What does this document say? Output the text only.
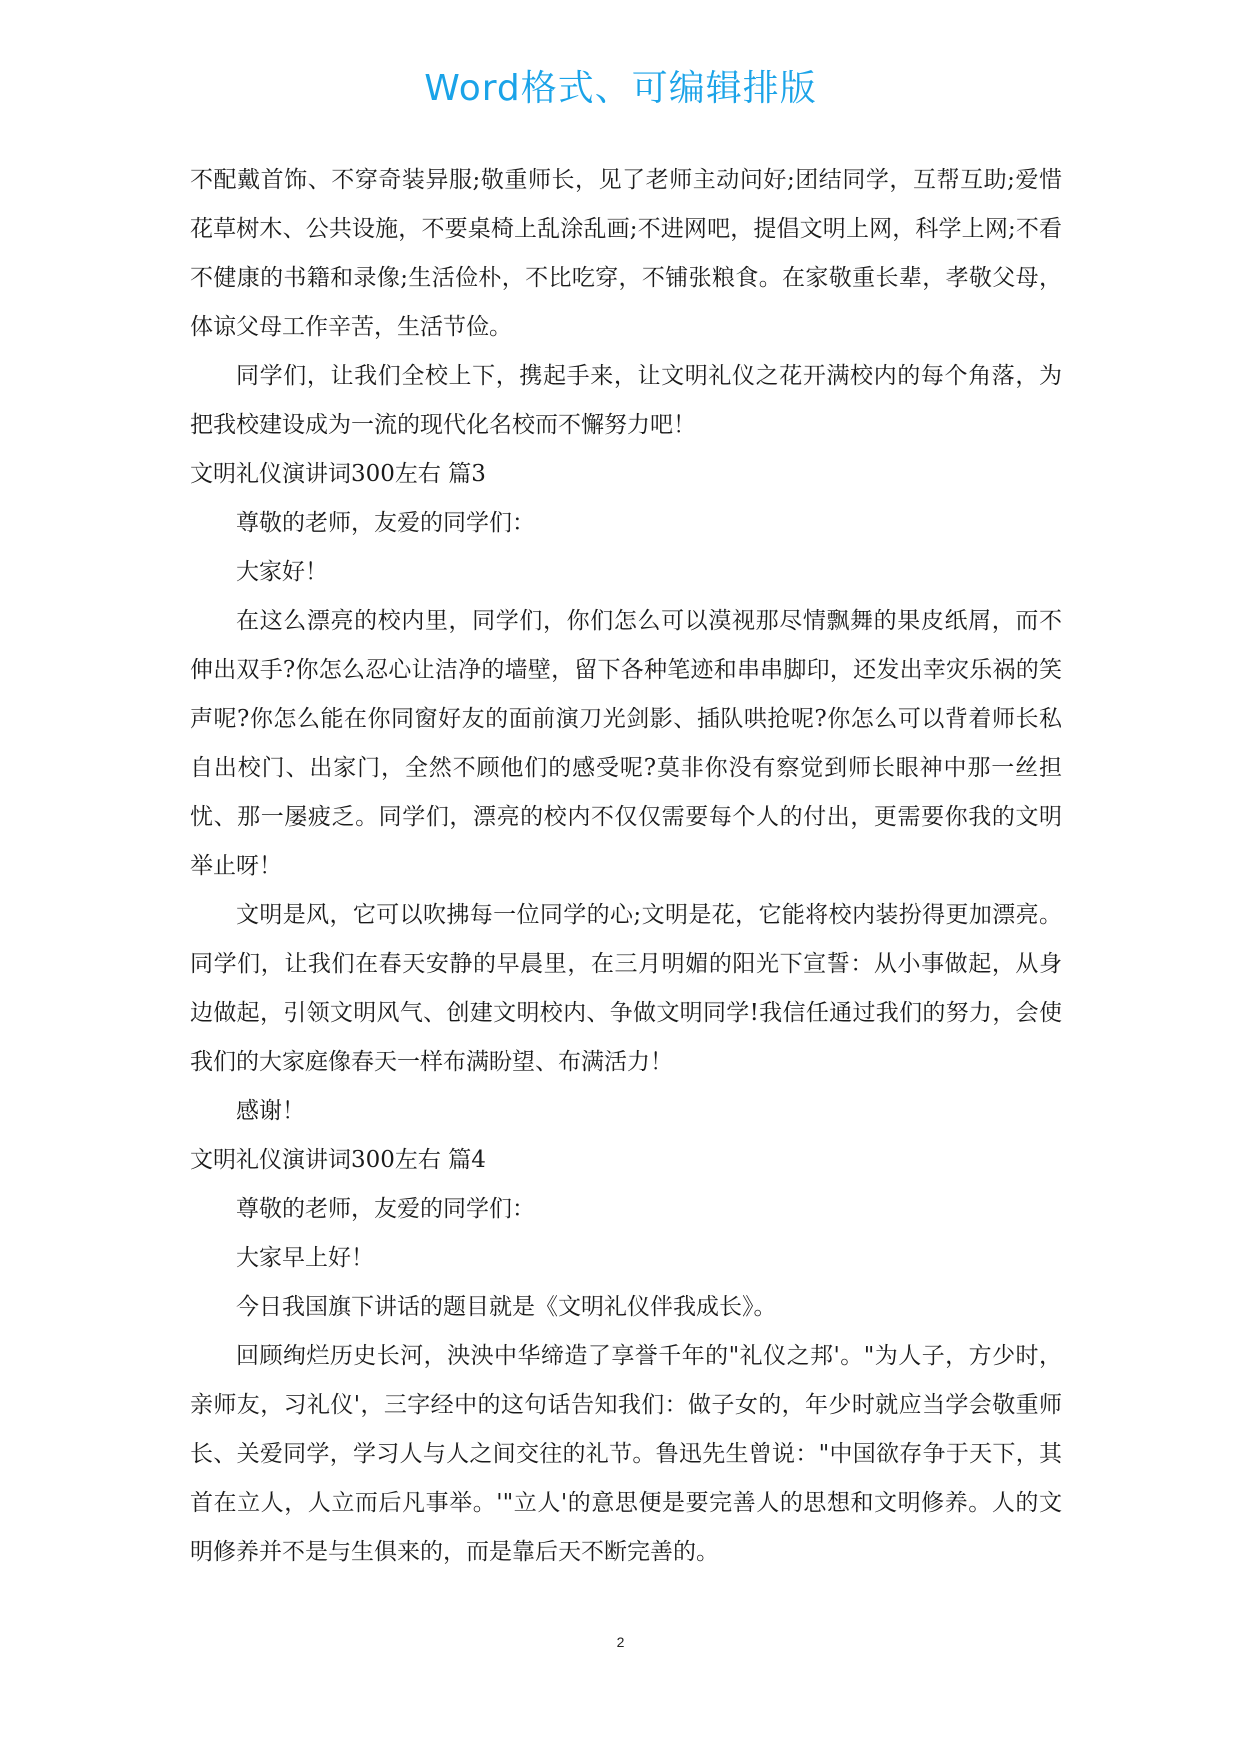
Word格式、可编辑排版

不配戴首饰、不穿奇装异服;敬重师长，见了老师主动问好;团结同学，互帮互助;爱惜花草树木、公共设施，不要桌椅上乱涂乱画;不进网吧，提倡文明上网，科学上网;不看不健康的书籍和录像;生活俭朴，不比吃穿，不铺张粮食。在家敬重长辈，孝敬父母，体谅父母工作辛苦，生活节俭。

同学们，让我们全校上下，携起手来，让文明礼仪之花开满校内的每个角落，为把我校建设成为一流的现代化名校而不懈努力吧！

文明礼仪演讲词300左右 篇3

尊敬的老师，友爱的同学们：

大家好！

在这么漂亮的校内里，同学们，你们怎么可以漠视那尽情飘舞的果皮纸屑，而不伸出双手?你怎么忍心让洁净的墙壁，留下各种笔迹和串串脚印，还发出幸灾乐祸的笑声呢?你怎么能在你同窗好友的面前演刀光剑影、插队哄抢呢?你怎么可以背着师长私自出校门、出家门，全然不顾他们的感受呢?莫非你没有察觉到师长眼神中那一丝担忧、那一屡疲乏。同学们，漂亮的校内不仅仅需要每个人的付出，更需要你我的文明举止呀！

文明是风，它可以吹拂每一位同学的心;文明是花，它能将校内装扮得更加漂亮。同学们，让我们在春天安静的早晨里，在三月明媚的阳光下宣誓：从小事做起，从身边做起，引领文明风气、创建文明校内、争做文明同学!我信任通过我们的努力，会使我们的大家庭像春天一样布满盼望、布满活力！

感谢！

文明礼仪演讲词300左右 篇4

尊敬的老师，友爱的同学们：

大家早上好！

今日我国旗下讲话的题目就是《文明礼仪伴我成长》。

回顾绚烂历史长河，泱泱中华缔造了享誉千年的"礼仪之邦'。"为人子，方少时，亲师友，习礼仪'，三字经中的这句话告知我们：做子女的，年少时就应当学会敬重师长、关爱同学，学习人与人之间交往的礼节。鲁迅先生曾说："中国欲存争于天下，其首在立人，人立而后凡事举。'"立人'的意思便是要完善人的思想和文明修养。人的文明修养并不是与生俱来的，而是靠后天不断完善的。

2
